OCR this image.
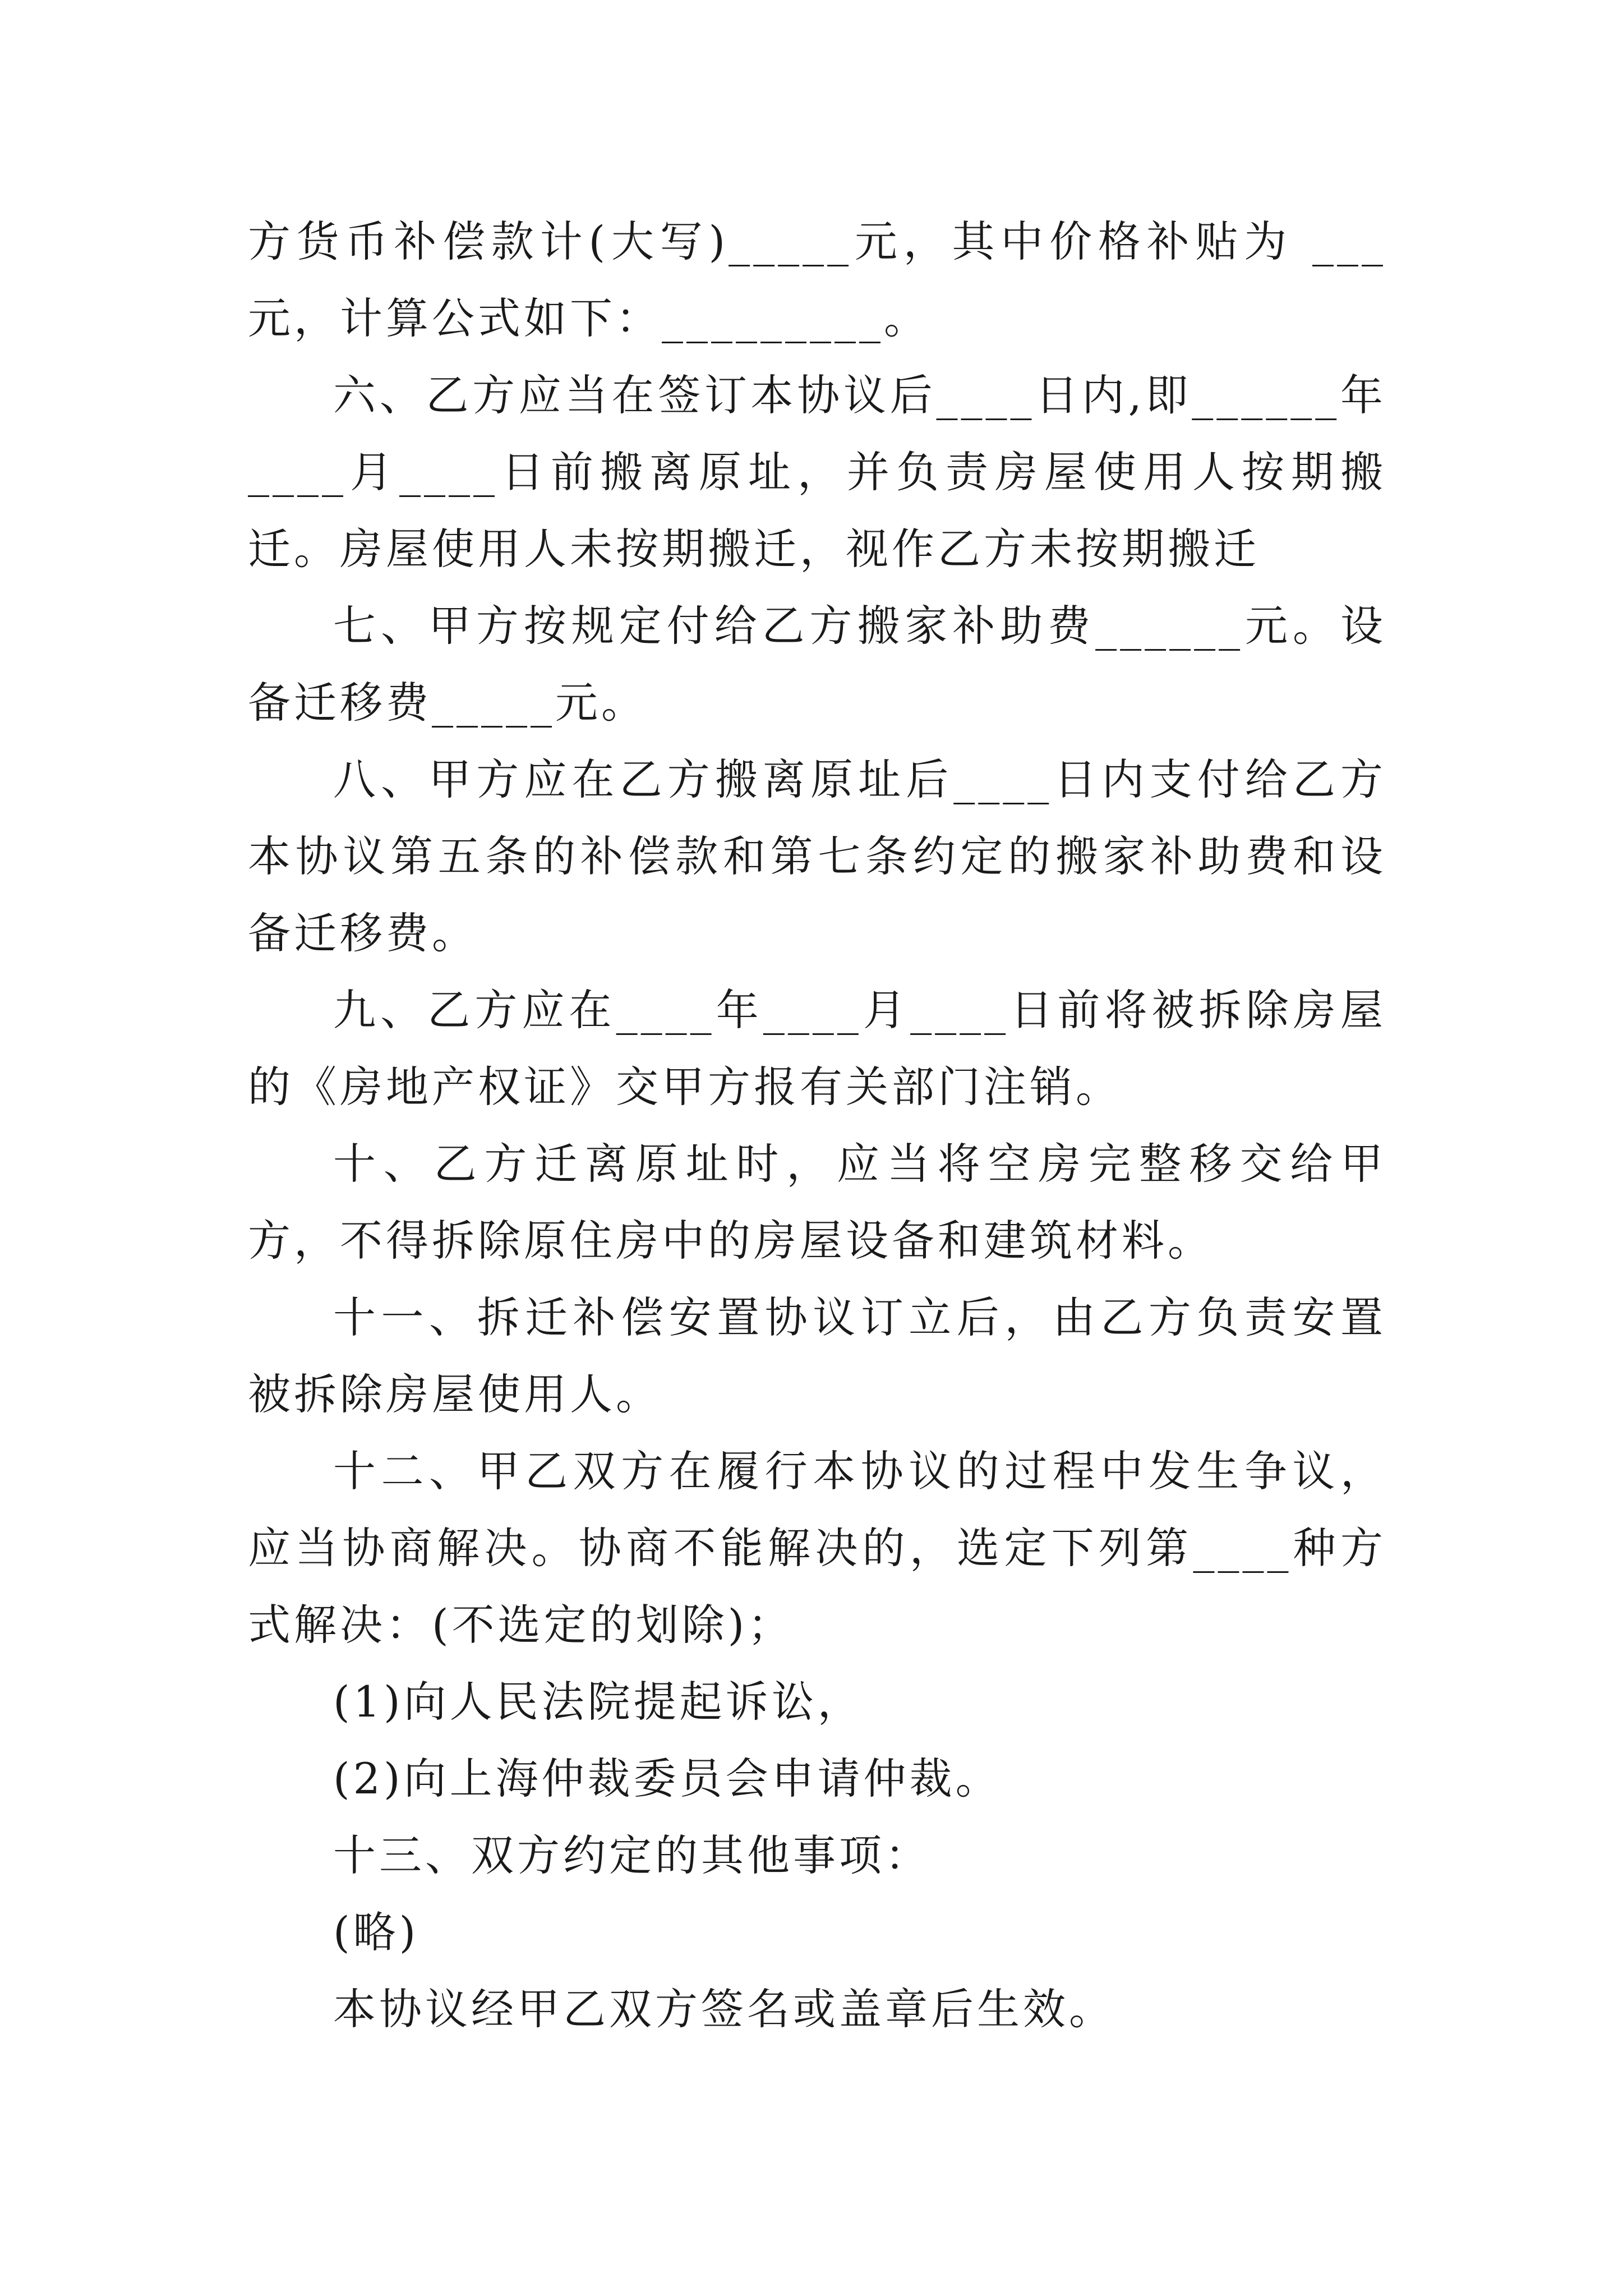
方货币补偿款计(大写)_____元，其中价格补贴为 ___元，计算公式如下：_________。

六、乙方应当在签订本协议后____日内,即______年____月____日前搬离原址，并负责房屋使用人按期搬迁。房屋使用人未按期搬迁，视作乙方未按期搬迁

七、甲方按规定付给乙方搬家补助费______元。设备迁移费_____元。

八、甲方应在乙方搬离原址后____日内支付给乙方本协议第五条的补偿款和第七条约定的搬家补助费和设备迁移费。

九、乙方应在____年____月____日前将被拆除房屋的《房地产权证》交甲方报有关部门注销。

十、乙方迁离原址时，应当将空房完整移交给甲方，不得拆除原住房中的房屋设备和建筑材料。

十一、拆迁补偿安置协议订立后，由乙方负责安置被拆除房屋使用人。

十二、甲乙双方在履行本协议的过程中发生争议，应当协商解决。协商不能解决的，选定下列第____种方式解决：(不选定的划除)；

(1)向人民法院提起诉讼，

(2)向上海仲裁委员会申请仲裁。

十三、双方约定的其他事项：

(略)

本协议经甲乙双方签名或盖章后生效。
